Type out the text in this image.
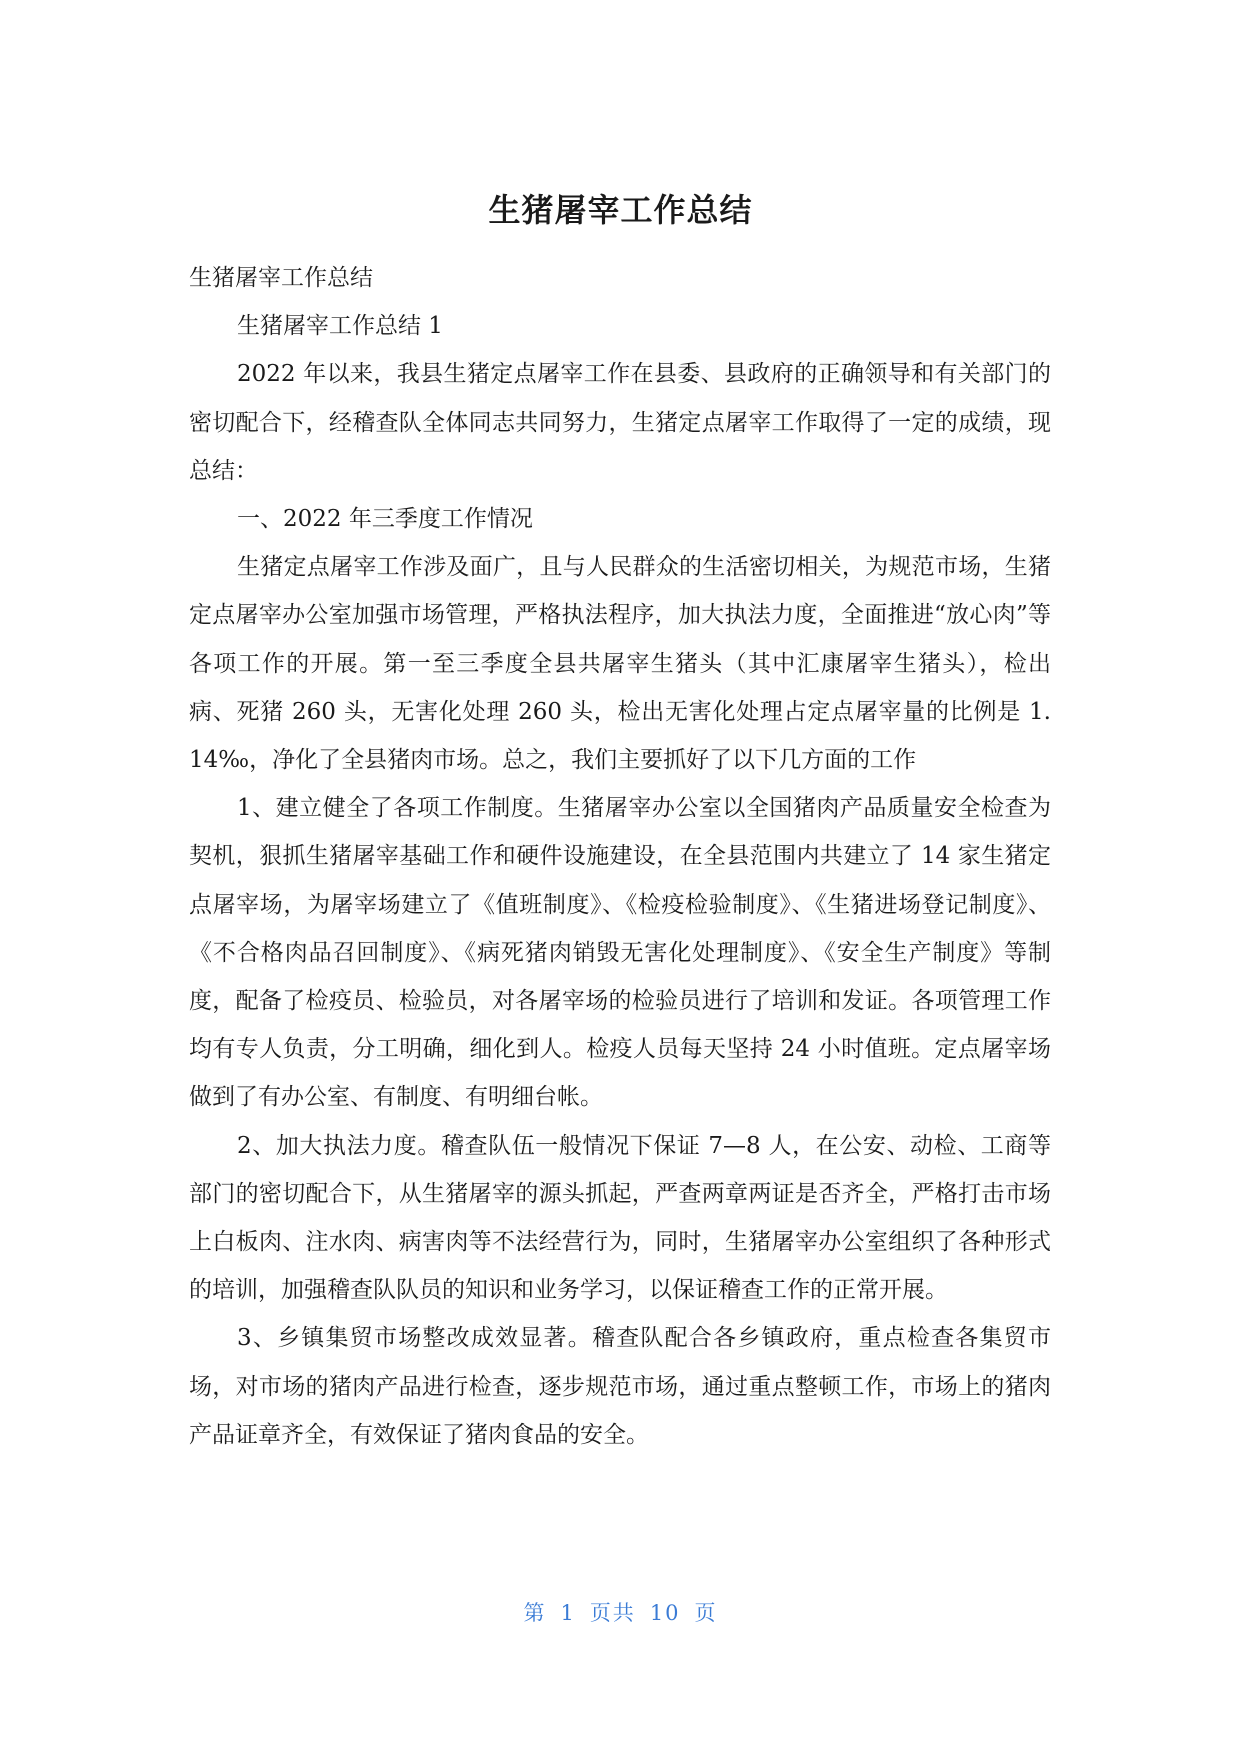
生猪屠宰工作总结

生猪屠宰工作总结

生猪屠宰工作总结 1

2022 年以来，我县生猪定点屠宰工作在县委、县政府的正确领导和有关部门的密切配合下，经稽查队全体同志共同努力，生猪定点屠宰工作取得了一定的成绩，现总结：

一、2022 年三季度工作情况

生猪定点屠宰工作涉及面广，且与人民群众的生活密切相关，为规范市场，生猪定点屠宰办公室加强市场管理，严格执法程序，加大执法力度，全面推进“放心肉”等各项工作的开展。第一至三季度全县共屠宰生猪头（其中汇康屠宰生猪头），检出病、死猪 260 头，无害化处理 260 头，检出无害化处理占定点屠宰量的比例是 1. 14‰，净化了全县猪肉市场。总之，我们主要抓好了以下几方面的工作

1、建立健全了各项工作制度。生猪屠宰办公室以全国猪肉产品质量安全检查为契机，狠抓生猪屠宰基础工作和硬件设施建设，在全县范围内共建立了 14 家生猪定点屠宰场，为屠宰场建立了《值班制度》、《检疫检验制度》、《生猪进场登记制度》、《不合格肉品召回制度》、《病死猪肉销毁无害化处理制度》、《安全生产制度》等制度，配备了检疫员、检验员，对各屠宰场的检验员进行了培训和发证。各项管理工作均有专人负责，分工明确，细化到人。检疫人员每天坚持 24 小时值班。定点屠宰场做到了有办公室、有制度、有明细台帐。

2、加大执法力度。稽查队伍一般情况下保证 7—8 人，在公安、动检、工商等部门的密切配合下，从生猪屠宰的源头抓起，严查两章两证是否齐全，严格打击市场上白板肉、注水肉、病害肉等不法经营行为，同时，生猪屠宰办公室组织了各种形式的培训，加强稽查队队员的知识和业务学习，以保证稽查工作的正常开展。

3、乡镇集贸市场整改成效显著。稽查队配合各乡镇政府，重点检查各集贸市场，对市场的猪肉产品进行检查，逐步规范市场，通过重点整顿工作，市场上的猪肉产品证章齐全，有效保证了猪肉食品的安全。

第 1 页共 10 页
